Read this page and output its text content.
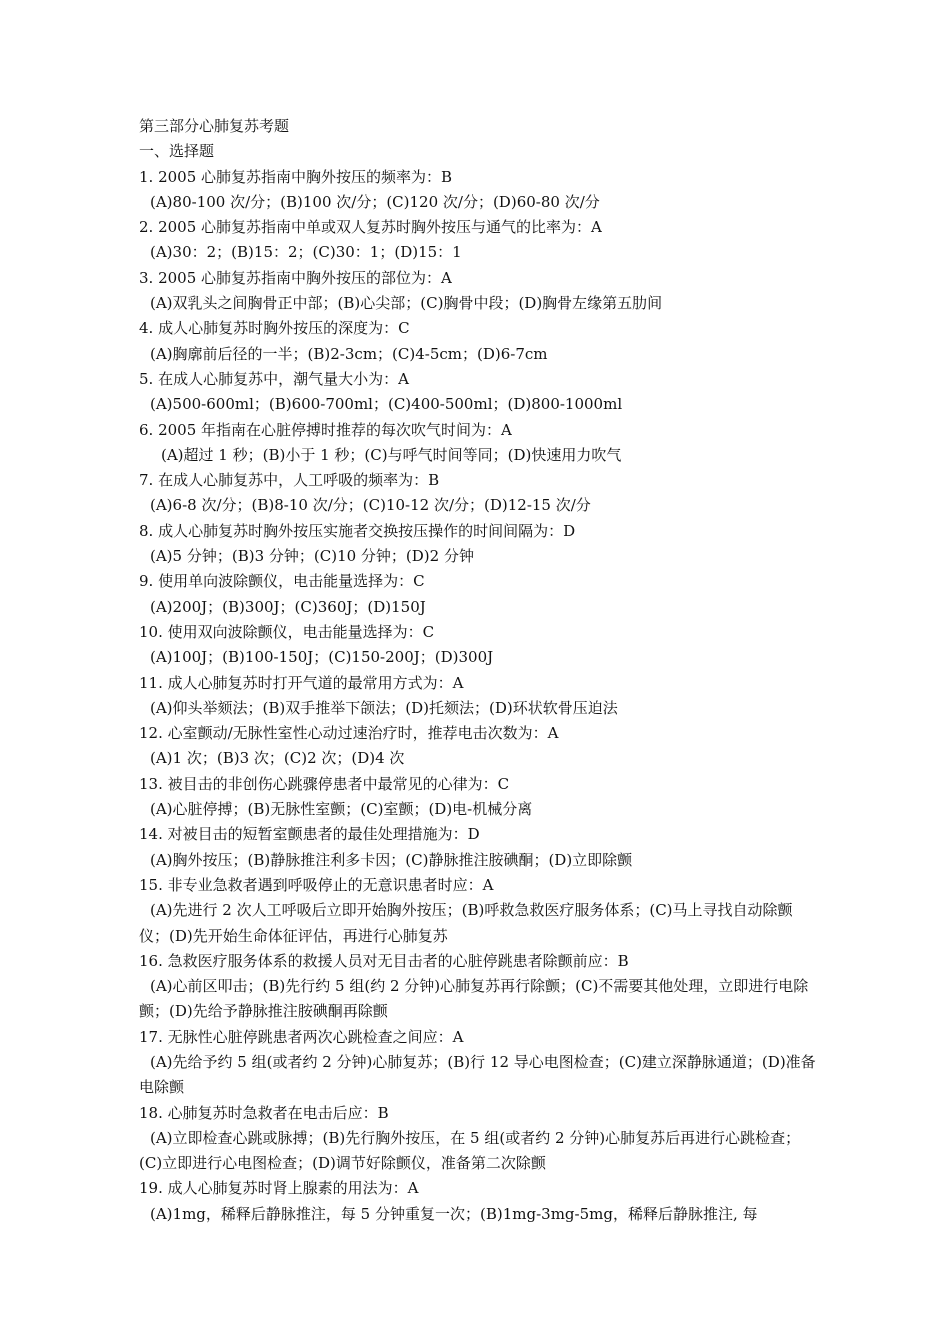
第三部分心肺复苏考题
一、选择题
1. 2005 心肺复苏指南中胸外按压的频率为：B
(A)80-100 次/分；(B)100 次/分；(C)120 次/分；(D)60-80 次/分
2. 2005 心肺复苏指南中单或双人复苏时胸外按压与通气的比率为：A
(A)30：2；(B)15：2；(C)30：1；(D)15：1
3. 2005 心肺复苏指南中胸外按压的部位为：A
(A)双乳头之间胸骨正中部；(B)心尖部；(C)胸骨中段；(D)胸骨左缘第五肋间
4. 成人心肺复苏时胸外按压的深度为：C
(A)胸廓前后径的一半；(B)2-3cm；(C)4-5cm；(D)6-7cm
5. 在成人心肺复苏中，潮气量大小为：A
(A)500-600ml；(B)600-700ml；(C)400-500ml；(D)800-1000ml
6. 2005 年指南在心脏停搏时推荐的每次吹气时间为：A
(A)超过 1 秒；(B)小于 1 秒；(C)与呼气时间等同；(D)快速用力吹气
7. 在成人心肺复苏中，人工呼吸的频率为：B
(A)6-8 次/分；(B)8-10 次/分；(C)10-12 次/分；(D)12-15 次/分
8. 成人心肺复苏时胸外按压实施者交换按压操作的时间间隔为：D
(A)5 分钟；(B)3 分钟；(C)10 分钟；(D)2 分钟
9. 使用单向波除颤仪，电击能量选择为：C
(A)200J；(B)300J；(C)360J；(D)150J
10. 使用双向波除颤仪，电击能量选择为：C
(A)100J；(B)100-150J；(C)150-200J；(D)300J
11. 成人心肺复苏时打开气道的最常用方式为：A
(A)仰头举颏法；(B)双手推举下颌法；(D)托颏法；(D)环状软骨压迫法
12. 心室颤动/无脉性室性心动过速治疗时，推荐电击次数为：A
(A)1 次；(B)3 次；(C)2 次；(D)4 次
13. 被目击的非创伤心跳骤停患者中最常见的心律为：C
(A)心脏停搏；(B)无脉性室颤；(C)室颤；(D)电-机械分离
14. 对被目击的短暂室颤患者的最佳处理措施为：D
(A)胸外按压；(B)静脉推注利多卡因；(C)静脉推注胺碘酮；(D)立即除颤
15. 非专业急救者遇到呼吸停止的无意识患者时应：A
(A)先进行 2 次人工呼吸后立即开始胸外按压；(B)呼救急救医疗服务体系；(C)马上寻找自动除颤仪；(D)先开始生命体征评估，再进行心肺复苏
16. 急救医疗服务体系的救援人员对无目击者的心脏停跳患者除颤前应：B
(A)心前区叩击；(B)先行约 5 组(约 2 分钟)心肺复苏再行除颤；(C)不需要其他处理，立即进行电除颤；(D)先给予静脉推注胺碘酮再除颤
17. 无脉性心脏停跳患者两次心跳检查之间应：A
(A)先给予约 5 组(或者约 2 分钟)心肺复苏；(B)行 12 导心电图检查；(C)建立深静脉通道；(D)准备电除颤
18. 心肺复苏时急救者在电击后应：B
(A)立即检查心跳或脉搏；(B)先行胸外按压，在 5 组(或者约 2 分钟)心肺复苏后再进行心跳检查；(C)立即进行心电图检查；(D)调节好除颤仪，准备第二次除颤
19. 成人心肺复苏时肾上腺素的用法为：A
(A)1mg，稀释后静脉推注，每 5 分钟重复一次；(B)1mg-3mg-5mg，稀释后静脉推注, 每
